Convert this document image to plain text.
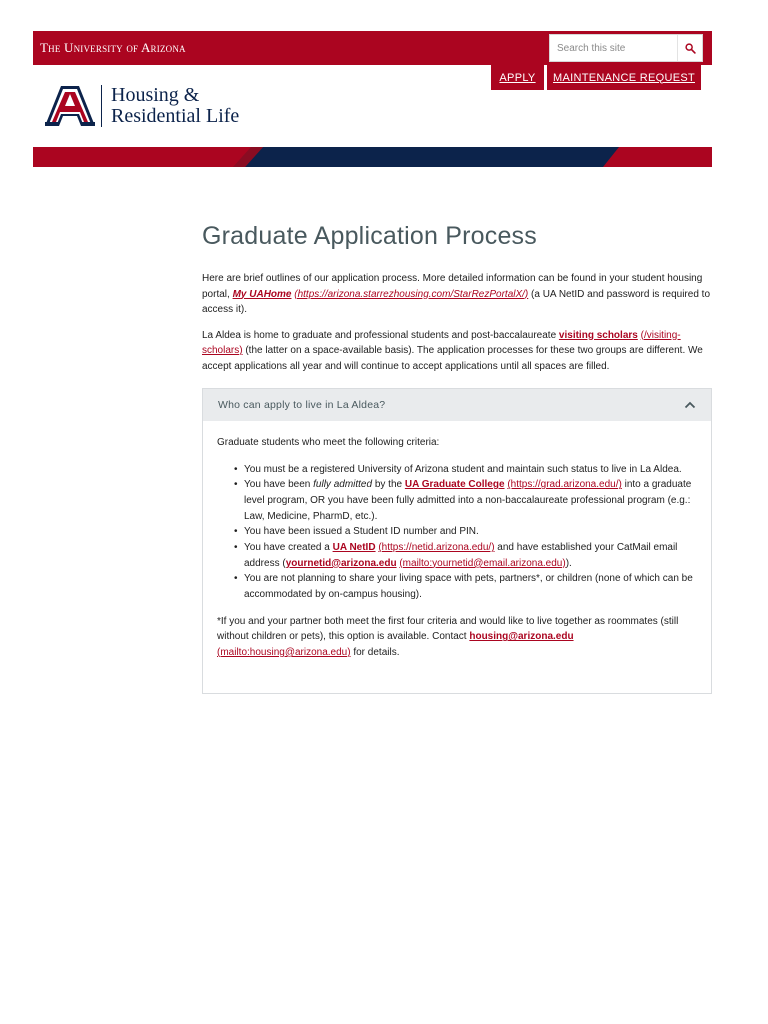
The University of Arizona
Search this site
APPLY	MAINTENANCE REQUEST
Housing &
Residential Life
Graduate Application Process

Here are brief outlines of our application process. More detailed information can be found in your student housing portal, My UAHome (https://arizona.starrezhousing.com/StarRezPortalX/) (a UA NetID and password is required to access it).

La Aldea is home to graduate and professional students and post-baccalaureate visiting scholars (/visiting-scholars) (the latter on a space-available basis). The application processes for these two groups are different. We accept applications all year and will continue to accept applications until all spaces are filled.

Who can apply to live in La Aldea?

Graduate students who meet the following criteria:

• You must be a registered University of Arizona student and maintain such status to live in La Aldea.
• You have been fully admitted by the UA Graduate College (https://grad.arizona.edu/) into a graduate level program, OR you have been fully admitted into a non-baccalaureate professional program (e.g.: Law, Medicine, PharmD, etc.).
• You have been issued a Student ID number and PIN.
• You have created a UA NetID (https://netid.arizona.edu/) and have established your CatMail email address (yournetid@arizona.edu (mailto:yournetid@email.arizona.edu)).
• You are not planning to share your living space with pets, partners*, or children (none of which can be accommodated by on-campus housing).

*If you and your partner both meet the first four criteria and would like to live together as roommates (still without children or pets), this option is available. Contact housing@arizona.edu (mailto:housing@arizona.edu) for details.
